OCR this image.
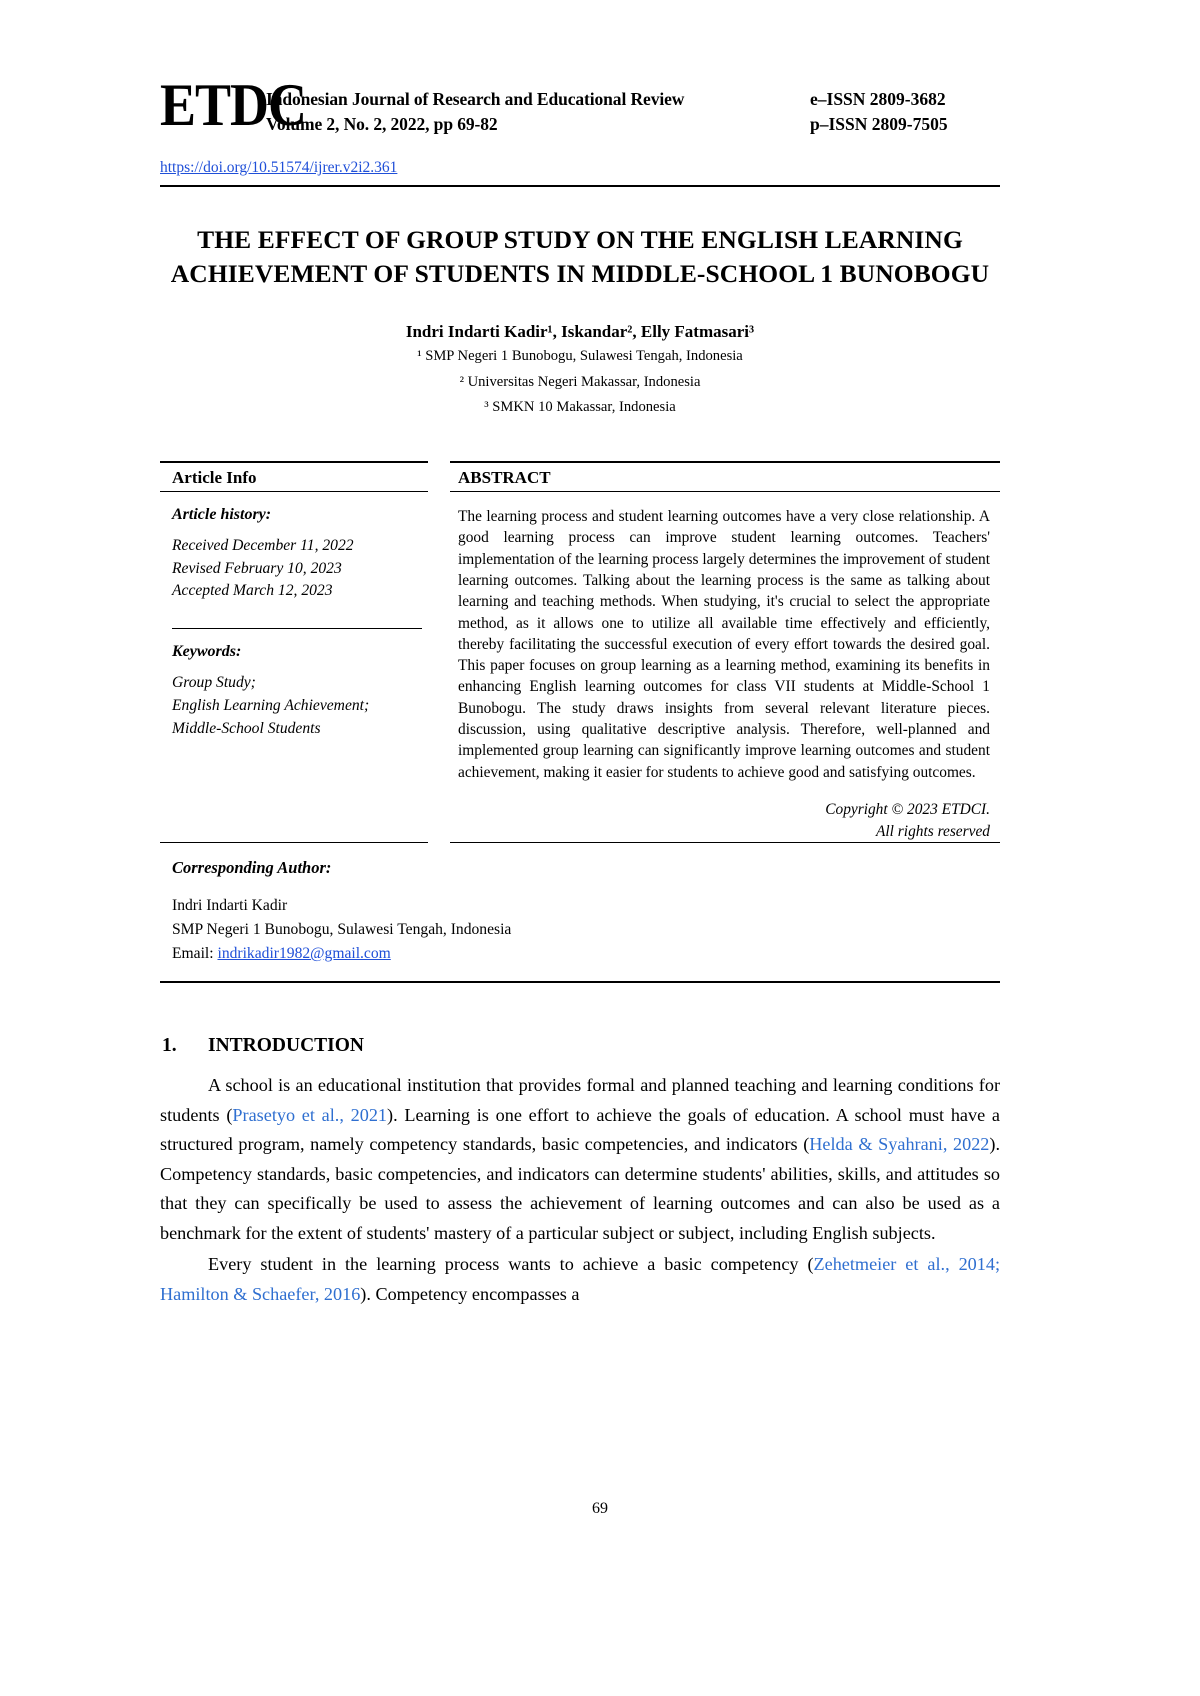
ETDC
Indonesian Journal of Research and Educational Review
Volume 2, No. 2, 2022, pp 69-82
e–ISSN 2809-3682
p–ISSN 2809-7505
https://doi.org/10.51574/ijrer.v2i2.361
THE EFFECT OF GROUP STUDY ON THE ENGLISH LEARNING ACHIEVEMENT OF STUDENTS IN MIDDLE-SCHOOL 1 BUNOBOGU
Indri Indarti Kadir¹, Iskandar², Elly Fatmasari³
¹ SMP Negeri 1 Bunobogu, Sulawesi Tengah, Indonesia
² Universitas Negeri Makassar, Indonesia
³ SMKN 10 Makassar, Indonesia
Article Info
Article history:
Received December 11, 2022
Revised February 10, 2023
Accepted March 12, 2023
Keywords:
Group Study;
English Learning Achievement;
Middle-School Students
ABSTRACT
The learning process and student learning outcomes have a very close relationship. A good learning process can improve student learning outcomes. Teachers' implementation of the learning process largely determines the improvement of student learning outcomes. Talking about the learning process is the same as talking about learning and teaching methods. When studying, it's crucial to select the appropriate method, as it allows one to utilize all available time effectively and efficiently, thereby facilitating the successful execution of every effort towards the desired goal. This paper focuses on group learning as a learning method, examining its benefits in enhancing English learning outcomes for class VII students at Middle-School 1 Bunobogu. The study draws insights from several relevant literature pieces. discussion, using qualitative descriptive analysis. Therefore, well-planned and implemented group learning can significantly improve learning outcomes and student achievement, making it easier for students to achieve good and satisfying outcomes.
Copyright © 2023 ETDCI.
All rights reserved
Corresponding Author:
Indri Indarti Kadir
SMP Negeri 1 Bunobogu, Sulawesi Tengah, Indonesia
Email: indrikadir1982@gmail.com
1.	INTRODUCTION
A school is an educational institution that provides formal and planned teaching and learning conditions for students (Prasetyo et al., 2021). Learning is one effort to achieve the goals of education. A school must have a structured program, namely competency standards, basic competencies, and indicators (Helda & Syahrani, 2022). Competency standards, basic competencies, and indicators can determine students' abilities, skills, and attitudes so that they can specifically be used to assess the achievement of learning outcomes and can also be used as a benchmark for the extent of students' mastery of a particular subject or subject, including English subjects.
Every student in the learning process wants to achieve a basic competency (Zehetmeier et al., 2014; Hamilton & Schaefer, 2016). Competency encompasses a
69
